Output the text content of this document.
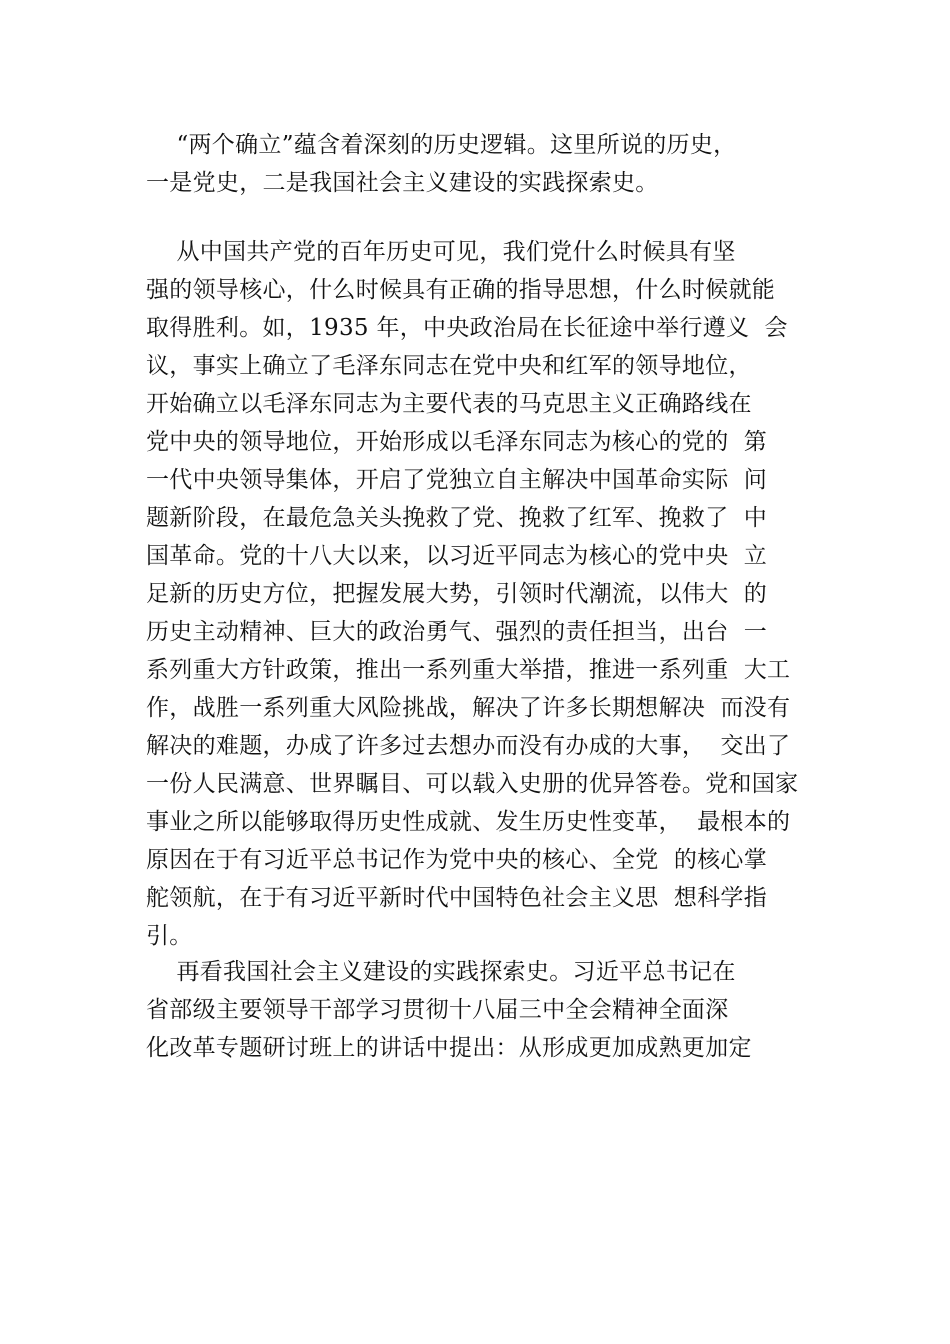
“两个确立”蕴含着深刻的历史逻辑。这里所说的历史，
一是党史，二是我国社会主义建设的实践探索史。
从中国共产党的百年历史可见，我们党什么时候具有坚
强的领导核心，什么时候具有正确的指导思想，什么时候就能
取得胜利。如，1935 年，中央政治局在长征途中举行遵义  会
议，事实上确立了毛泽东同志在党中央和红军的领导地位，
开始确立以毛泽东同志为主要代表的马克思主义正确路线在
党中央的领导地位，开始形成以毛泽东同志为核心的党的  第
一代中央领导集体，开启了党独立自主解决中国革命实际  问
题新阶段，在最危急关头挽救了党、挽救了红军、挽救了  中
国革命。党的十八大以来，以习近平同志为核心的党中央  立
足新的历史方位，把握发展大势，引领时代潮流，以伟大  的
历史主动精神、巨大的政治勇气、强烈的责任担当，出台  一
系列重大方针政策，推出一系列重大举措，推进一系列重  大工
作，战胜一系列重大风险挑战，解决了许多长期想解决  而没有
解决的难题，办成了许多过去想办而没有办成的大事，  交出了
一份人民满意、世界瞩目、可以载入史册的优异答卷。党和国家
事业之所以能够取得历史性成就、发生历史性变革，  最根本的
原因在于有习近平总书记作为党中央的核心、全党  的核心掌
舵领航，在于有习近平新时代中国特色社会主义思  想科学指
引。
再看我国社会主义建设的实践探索史。习近平总书记在
省部级主要领导干部学习贯彻十八届三中全会精神全面深
化改革专题研讨班上的讲话中提出：从形成更加成熟更加定
